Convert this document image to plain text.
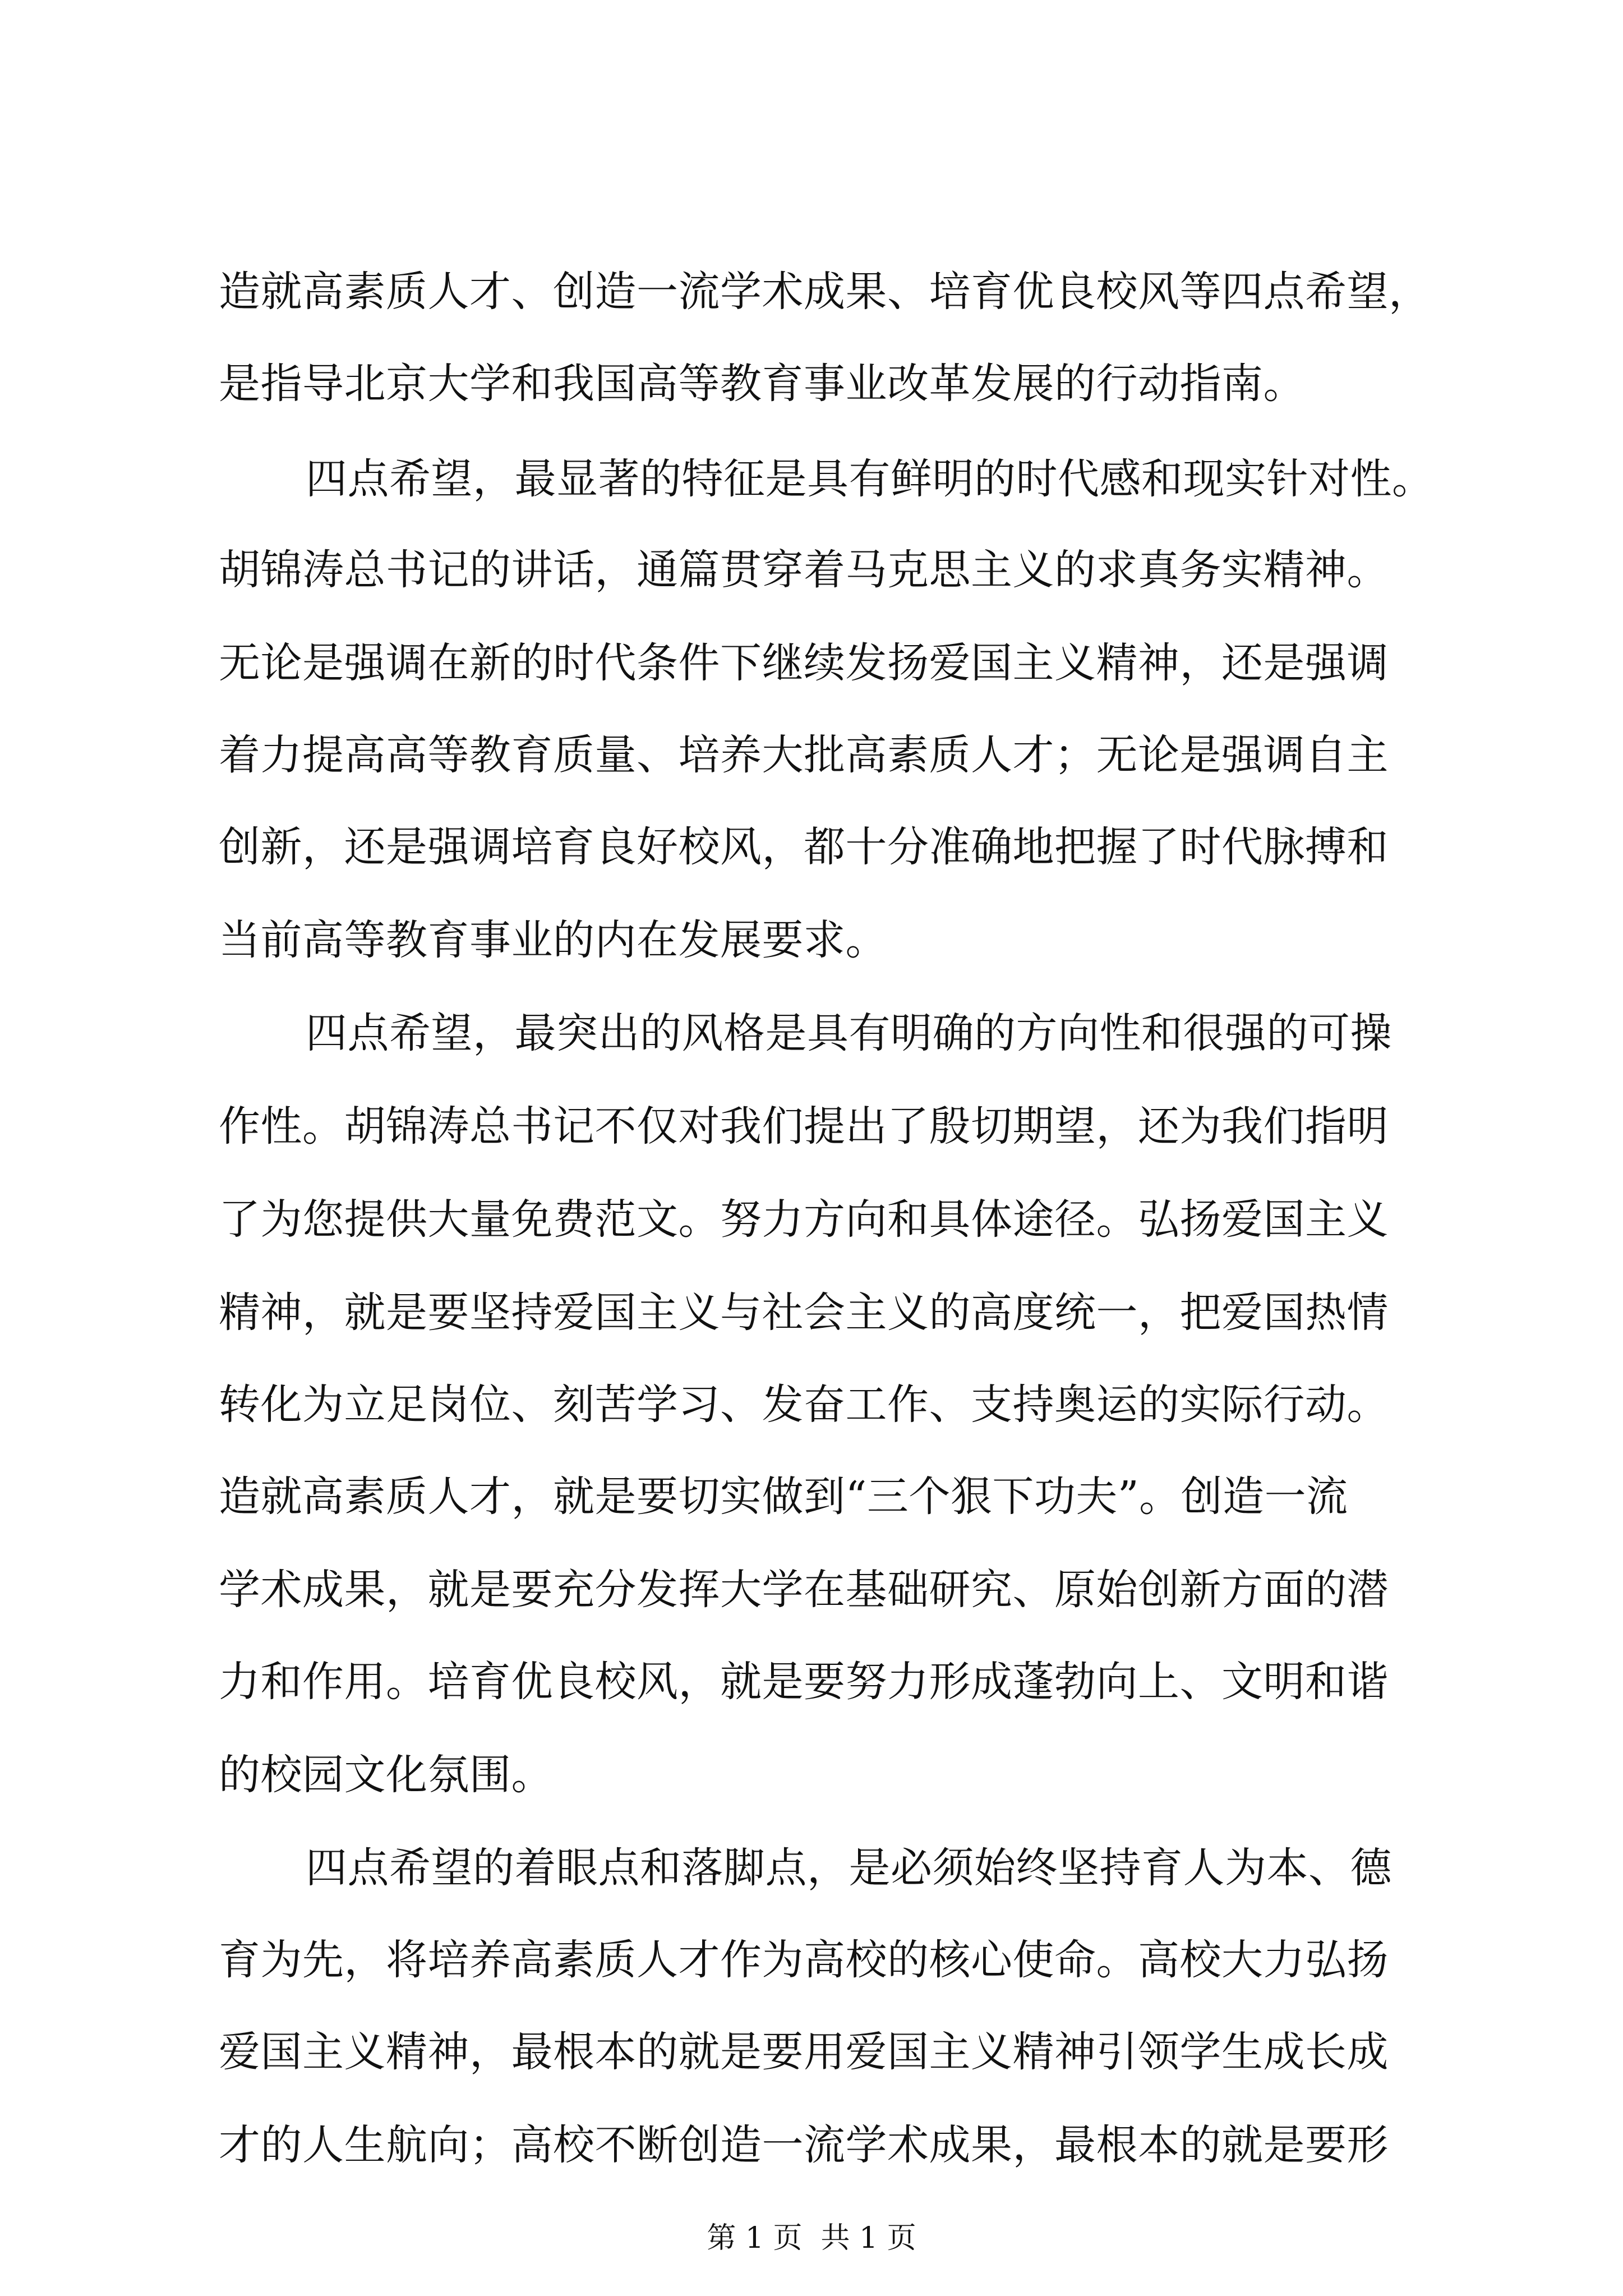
造就高素质人才、创造一流学术成果、培育优良校风等四点希望，
是指导北京大学和我国高等教育事业改革发展的行动指南。
四点希望，最显著的特征是具有鲜明的时代感和现实针对性。
胡锦涛总书记的讲话，通篇贯穿着马克思主义的求真务实精神。
无论是强调在新的时代条件下继续发扬爱国主义精神，还是强调
着力提高高等教育质量、培养大批高素质人才；无论是强调自主
创新，还是强调培育良好校风，都十分准确地把握了时代脉搏和
当前高等教育事业的内在发展要求。
四点希望，最突出的风格是具有明确的方向性和很强的可操
作性。胡锦涛总书记不仅对我们提出了殷切期望，还为我们指明
了为您提供大量免费范文。努力方向和具体途径。弘扬爱国主义
精神，就是要坚持爱国主义与社会主义的高度统一，把爱国热情
转化为立足岗位、刻苦学习、发奋工作、支持奥运的实际行动。
造就高素质人才，就是要切实做到“三个狠下功夫”。创造一流
学术成果，就是要充分发挥大学在基础研究、原始创新方面的潜
力和作用。培育优良校风，就是要努力形成蓬勃向上、文明和谐
的校园文化氛围。
四点希望的着眼点和落脚点，是必须始终坚持育人为本、德
育为先，将培养高素质人才作为高校的核心使命。高校大力弘扬
爱国主义精神，最根本的就是要用爱国主义精神引领学生成长成
才的人生航向；高校不断创造一流学术成果，最根本的就是要形
第 1 页  共 1 页
